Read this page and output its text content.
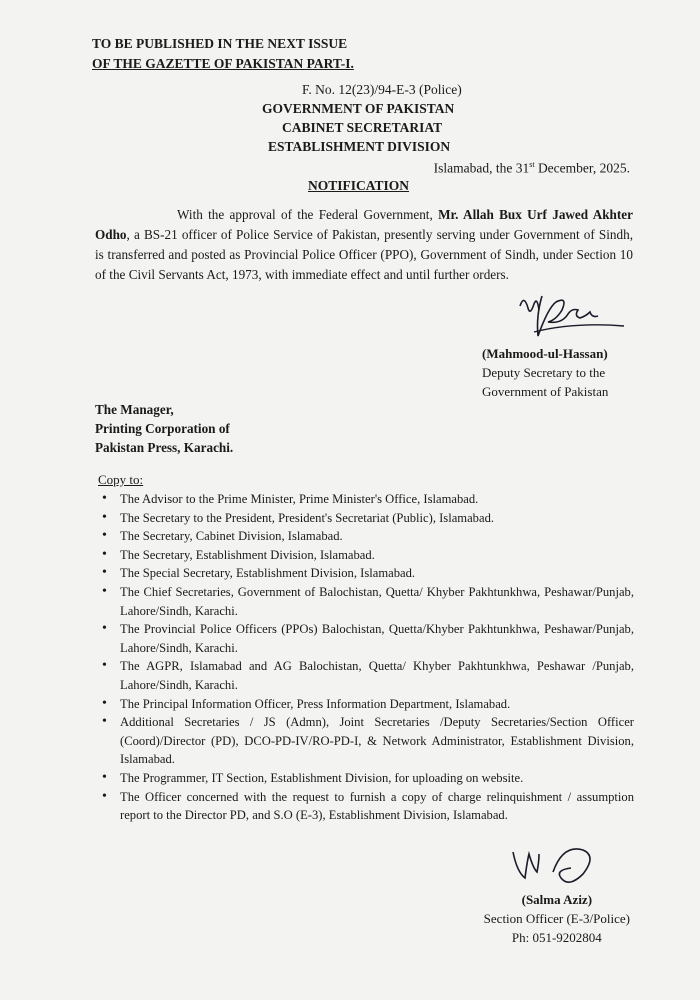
TO BE PUBLISHED IN THE NEXT ISSUE
OF THE GAZETTE OF PAKISTAN PART-I.
F. No. 12(23)/94-E-3 (Police)
GOVERNMENT OF PAKISTAN
CABINET SECRETARIAT
ESTABLISHMENT DIVISION
Islamabad, the 31st December, 2025.
NOTIFICATION
With the approval of the Federal Government, Mr. Allah Bux Urf Jawed Akhter Odho, a BS-21 officer of Police Service of Pakistan, presently serving under Government of Sindh, is transferred and posted as Provincial Police Officer (PPO), Government of Sindh, under Section 10 of the Civil Servants Act, 1973, with immediate effect and until further orders.
(Mahmood-ul-Hassan)
Deputy Secretary to the
Government of Pakistan
The Manager,
Printing Corporation of
Pakistan Press, Karachi.
Copy to:
• The Advisor to the Prime Minister, Prime Minister's Office, Islamabad.
• The Secretary to the President, President's Secretariat (Public), Islamabad.
• The Secretary, Cabinet Division, Islamabad.
• The Secretary, Establishment Division, Islamabad.
• The Special Secretary, Establishment Division, Islamabad.
• The Chief Secretaries, Government of Balochistan, Quetta/ Khyber Pakhtunkhwa, Peshawar/Punjab, Lahore/Sindh, Karachi.
• The Provincial Police Officers (PPOs) Balochistan, Quetta/Khyber Pakhtunkhwa, Peshawar/Punjab, Lahore/Sindh, Karachi.
• The AGPR, Islamabad and AG Balochistan, Quetta/ Khyber Pakhtunkhwa, Peshawar /Punjab, Lahore/Sindh, Karachi.
• The Principal Information Officer, Press Information Department, Islamabad.
• Additional Secretaries / JS (Admn), Joint Secretaries /Deputy Secretaries/Section Officer (Coord)/Director (PD), DCO-PD-IV/RO-PD-I, & Network Administrator, Establishment Division, Islamabad.
• The Programmer, IT Section, Establishment Division, for uploading on website.
• The Officer concerned with the request to furnish a copy of charge relinquishment / assumption report to the Director PD, and S.O (E-3), Establishment Division, Islamabad.
(Salma Aziz)
Section Officer (E-3/Police)
Ph: 051-9202804
